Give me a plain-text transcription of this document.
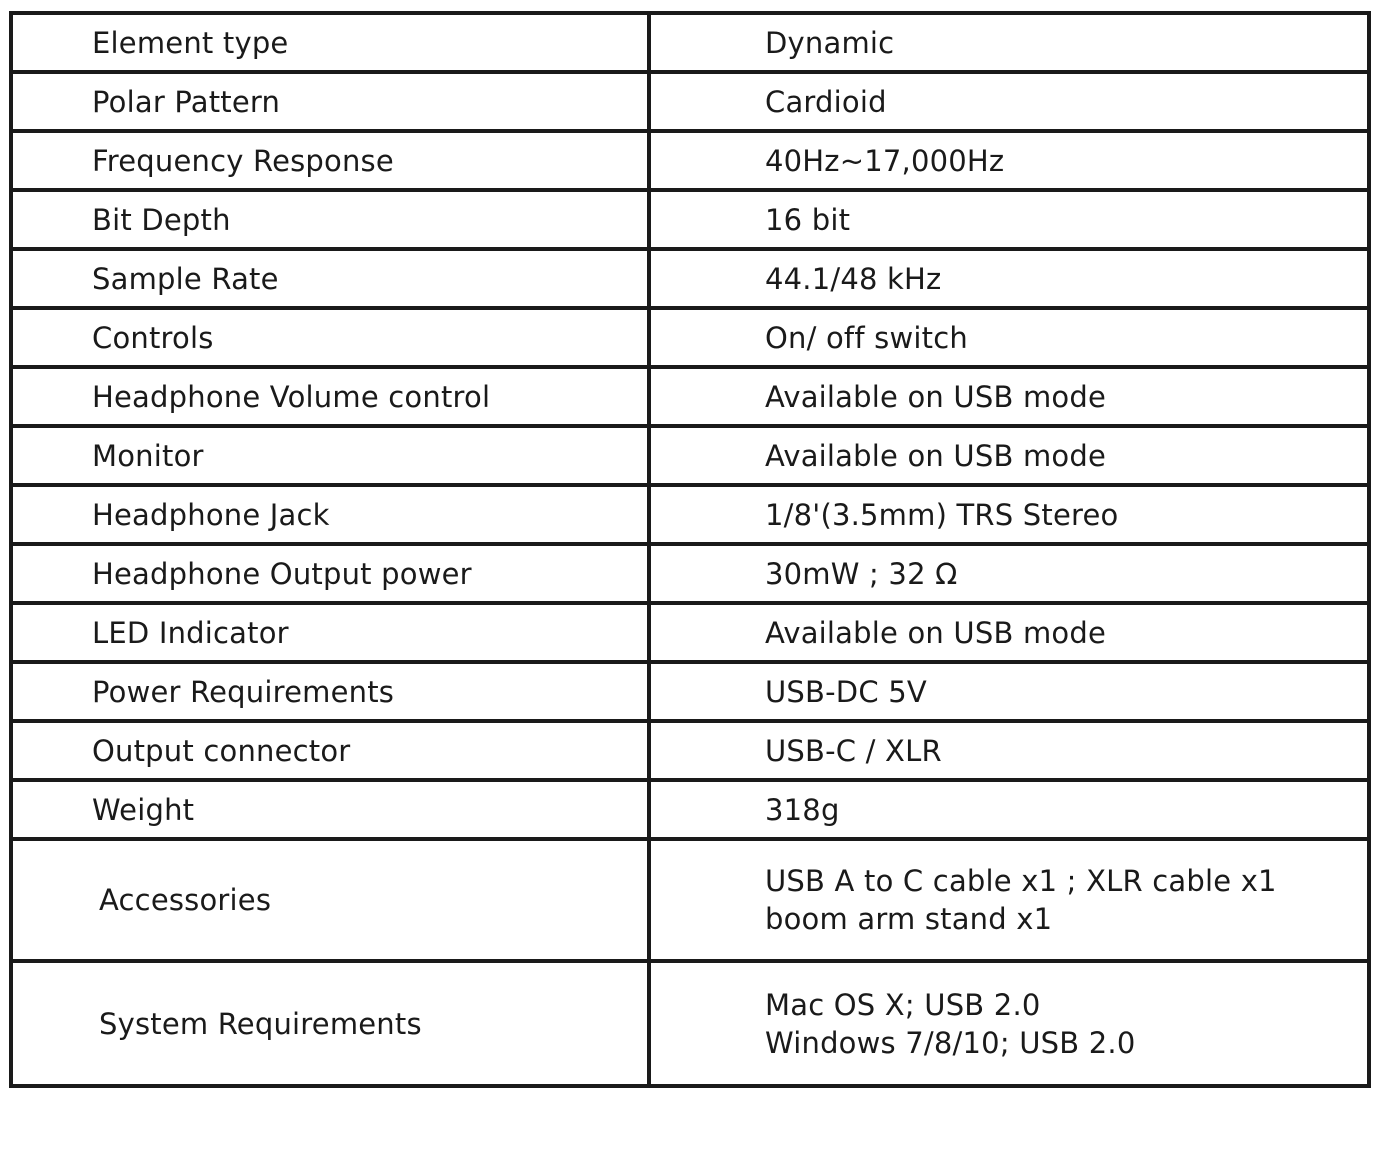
Element type	Dynamic

Polar Pattern	Cardioid

Frequency Response	40Hz~17,000Hz

Bit Depth	16 bit

Sample Rate	44.1/48 kHz

Controls	On/ off switch

Headphone Volume control	Available on USB mode

Monitor	Available on USB mode

Headphone Jack	1/8'(3.5mm) TRS Stereo

Headphone Output power	30mW ; 32 Ω

LED Indicator	Available on USB mode

Power Requirements	USB-DC 5V

Output connector	USB-C / XLR

Weight	318g

Accessories	USB A to C cable x1 ; XLR cable x1
boom arm stand x1

System Requirements	Mac OS X; USB 2.0
Windows 7/8/10; USB 2.0
